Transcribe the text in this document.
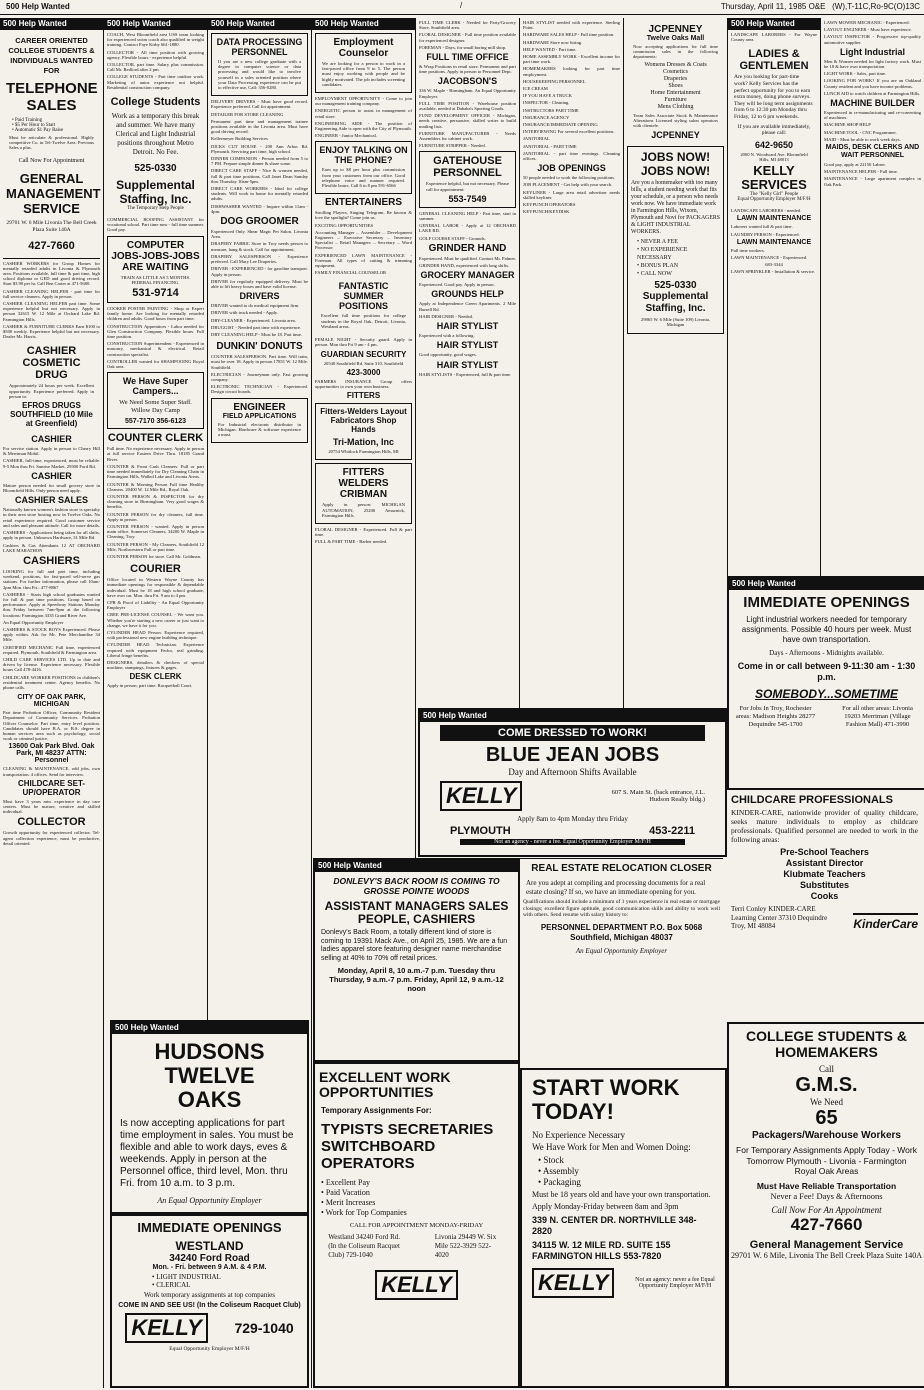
500 Help Wanted	/	Thursday, April 11, 1985 O&E (W),T-11C,Ro-9C(O)13C
500 Help Wanted
CAREER ORIENTED COLLEGE STUDENTS & INDIVIDUALS WANTED FOR
TELEPHONE SALES
• Paid Training
• $5 Per Hour to Start
• Automatic $1 Pay Raise
Must be articulate & professional. Highly competitive Co. in Tel-Twelve Area. Previous Sales a plus.
Call Now For Appointment
GENERAL MANAGEMENT SERVICE
29701 W. 6 Mile Livonia The Bell Creek Plaza Suite 140A
427-7660
CASHIER WORKERS for Group Homes for mentally retarded adults in Livonia & Plymouth area. Positions available, full time & part time, high school diploma or GED and good driving record. Start $3.90 per hr. Call Ben Carter at 471-5680.
CASHIER CLEANING HELPER - part time for full service cleaners. Apply in person.
CASHIER CLEANING HELPER part time. Some experience helpful but not necessary. Apply in person 32615 W. 12 Mile at Orchard Lake Rd. Farmington Hills.
CASHIER & FURNITURE CLERKS Earn $100 to $500 weekly. Experience helpful but not necessary. Dealer Mr. Harris.
CASHIER COSMETIC DRUG
Approximately 24 hours per week. Excellent opportunity. Experience preferred. Apply in person to:
EFROS DRUGS SOUTHFIELD (10 Mile at Greenfield)
CASHIER
For service station. Apply in person to Cherry Hill & Merriman Mobil.
CASHIER, full-time, experienced, must be reliable. 9-5 Mon thru Fri. Sunrise Market, 29300 Ford Rd.
CASHIER
Mature person needed for small grocery store in Bloomfield Hills. Only person need apply.
CASHIER SALES
Nationally known women's fashion store is specialty in their area store hosting now in Twelve Oaks. No retail experience required. Good customer service and sales and pleasant attitude. Call for more details.
CASHIERS - Applications being taken for all shifts, apply in person. Unknown Hardware, 31 Mile Rd.
Cashiers & Gas Attendants 12 AT ORCHARD LAKE MARATHON
CASHIERS
LOOKING for full and part time, including weekend, positions, for fast-paced self-serve gas stations. For further information, please call 10am-2pm Mon. thru Fri.: 477-8867
CASHIERS - Starts high school graduates wanted for full & part time positions. Group based on performance. Apply at Speedway Stations Monday thru Friday between 7am-9pm at the following locations: Farmington 3335 Grand River Ave.
An Equal Opportunity Employer
CASHIERS & STOCK BOYS Experienced. Please apply within. Ask for Mr. Pete Merchandise 34 Mile.
CERTIFIED MECHANIC Full time, experienced required. Plymouth, Southfield & Farmington area.
CHILD CARE SERVICES LTD. Up to date and driven by license. Experience necessary. Flexible hours Call 478-4416.
CHILDCARE WORKER POSITIONS in children's residential treatment center. Agency benefits. No phone calls.
CITY OF OAK PARK, MICHIGAN
Part time Probation Officer, Community Resident Department of Community Services. Probation Officer Counselor: Part time, entry level position. Candidates should have B.A. or B.S. degree in human services area such as psychology, social work or criminal justice.
13600 Oak Park Blvd. Oak Park, MI 48237 ATTN: Personnel
CLEANING & MAINTENANCE, odd jobs, own transportation. 4 offices. Send for interview.
CHILDCARE SET-UP/OPERATOR
Must have 3 years min. experience in day care centers. Must be mature, creative and skilled individual.
COLLECTOR
Growth opportunity for experienced collector. Tel-agent collection experience, must be productive, detail oriented.
500 Help Wanted
COACH, West Bloomfield area USS team looking for experienced swim coach also qualified in weight training. Contact Faye Kirby 661-1880.
COLLECTOR - All time position with growing agency. Flexible hours - experience helpful.
COLLECTOR, part time. Salary plus commission. Call Mr. Redford after 2 pm.
COLLEGE STUDENTS - Part time outdoor work. Marketing of autos experience not helpful. Residential construction company.
College Students
Work as a temporary this break and summer. We have many Clerical and Light Industrial positions throughout Metro Detroit. No Fee.
525-0330
Supplemental Staffing, Inc.
The Temporary Help People
COMMERCIAL ROOFING ASSISTANT for vocational school. Part time now - full time summer. Good pay.
COMPUTER JOBS-JOBS-JOBS ARE WAITING
TRAIN AS LITTLE AS 5 MONTHS. FEDERAL FINANCING.
531-9714
COOKER POSTER PAINTING - Shop or Expert family home. Are looking for mentally retarded children and adults. Good hours from part time.
CONSTRUCTION Apprentices - Labor needed for Glen Construction Company. Flexible hours. Full time position.
CONSTRUCTION Superintendent - Experienced in masonry, mechanical & electrical. Retail construction specialist.
CONTROLLER wanted for SHAMPOOING Royal Oak area.
We Have Super Campers...
We Need Some Super Staff. Willow Day Camp
557-7170 356-6123
COUNTER CLERK
Full time. No experience necessary. Apply in person at full service Eastern Drive Thru. 18185 Grand River.
COUNTER & Front Cash Cleaners. Full or part time needed immediately for Dry Cleaning Chain in Farmington Hills, Walled Lake and Livonia Areas.
COUNTER & Morning Person Full time Healthy Cleaners. 20400 W. 12 Mile Rd., Royal Oak.
COUNTER PERSON & INSPECTOR for dry cleaning store in Birmingham. Very good wages & benefits.
COUNTER PERSON for dry cleaners, full time. Apply in person.
COUNTER PERSON - wanted. Apply in person main office. Somerset Cleaners, 34200 W. Maple in Cleaning, Troy.
COUNTER PERSON - My Cleaners, Southfield 12 Mile, Northwestern Full or part time.
COUNTER PERSON for store. Call Mr. Goldman.
COURIER
Office located in Western Wayne County has immediate openings for responsible & dependable individual. Must be 18 and high school graduate, have own car. Mon. thru Fri. 9 am to 4 pm.
CPR & Proof of Liability - An Equal Opportunity Employer
CREE PRE-LICENSE COUNSEL - We want you. Whether you're starting a new career or just want to change, we have it for you.
CYLINDER HEAD Person. Experience required, with professional new engine building technique.
CYLINDER HEAD Technician. Experience required with equipment Fedco, real grinding. Liberal fringe benefits.
DESIGNERS, detailers & checkers of special machine, stampings, fixtures & gages.
DESK CLERK
Apply in person, part time. Racquetball Court.
500 Help Wanted
DATA PROCESSING PERSONNEL
If you are a new college graduate with a degree in computer science or data processing and would like to involve yourself in a sales oriented position where your Data Processing experience can be put to effective use, Call: 356-0280.
DELIVERY DRIVERS - Must have good record. Experience preferred. Call for appointment.
DETAILER FOR STORE CLEANING
Permanent part time and management trainee positions available in the Livonia area. Must have good driving record.
Kellermeyer Building Services
DICKS CUT HOUSE - 200 Ann Arbor Rd. Plymouth. Servicing part time, high school.
DINNER COMPANION - Person needed from 5 to 7 PM. Prepare simple dinner & share some.
DIRECT CARE STAFF - Nice & women needed, full & part time positions. Call Janet Dean Sunday thru Thursday 10am-5pm.
DIRECT CARE WORKERS - Ideal for college students. Will work in home for mentally retarded adults.
DISHWASHER WANTED - Inquire within 11am - 4pm.
DOG GROOMER
Experienced Only. Shear Magic Pet Salon. Livonia Area.
DRAPERY FABRIC Store in Troy needs person to measure, hang & stock. Call for appointment.
DRAPERY SALESPERSON - Experience preferred. Call Mary Lee Draperies.
DRIVER - EXPERIENCED - for gasoline transport. Apply in person.
DRIVER for regularly equipped delivery. Must be able to lift heavy boxes and have valid license.
DRIVERS
DRIVER wanted to do medical equipment firm.
DRIVER with truck needed - Apply.
DRY-CLEANER - Experienced. Livonia area.
DRUGGIST - Needed part time with experience.
DRY CLEANING HELP - Must be 18. Part time.
DUNKIN' DONUTS
COUNTER SALESPERSON. Part time. Will train, must be over 18. Apply in person 17851 W. 12 Mile. Southfield.
ELECTRICIAN - Journeyman only. Fast growing company.
ELECTRONIC TECHNICIAN - Experienced. Design circuit boards.
ENGINEER
FIELD APPLICATIONS
For Industrial electronic distributor in Michigan. Hardware & software experience a must.
500 Help Wanted
Employment Counselor
We are looking for a person to work in a fast-paced office from 9 to 5. The person must enjoy working with people and be highly motivated. The job includes screening candidates.
EMPLOYMENT OPPORTUNITY - Come to join our management training company.
ENERGETIC person to assist in management of retail store.
ENGINEERING AIDE - The position of Engineering Aide is open with the City of Plymouth.
ENGINEER - Junior Mechanical.
ENJOY TALKING ON THE PHONE?
Earn up to $8 per hour plus commission from your customers from our office. Good telephone voice and manner required. Flexible hours. Call 6 to 8 pm 591-6566
ENTERTAINERS
Strolling Players, Singing Telegram. Be known & love the spotlight? Come join us.
EXCITING OPPORTUNITIES
Accounting Manager ... Assembler ... Development Engineers ... Executive Secretary ... Inventory Specialist ... Retail Managers ... Secretary ... Word Processor
EXPERIENCED LAWN MAINTENANCE - Foreman. All types of cutting & trimming equipment.
FAMILY FINANCIAL COUNSELOR
FANTASTIC SUMMER POSITIONS
Excellent full time positions for college students in the Royal Oak, Detroit, Livonia, Westland areas.
FEMALE NIGHT - Security guard. Apply in person. Mon thru Fri 9 am - 4 pm.
GUARDIAN SECURITY
20540 Southfield Rd. Suite 310, Southfield
423-3000
FARMERS INSURANCE Group offers opportunities to own your own business.
FITTERS
Fitters-Welders Layout Fabricators Shop Hands
Tri-Mation, Inc
20754 Whitlock Farmington Hills, MI
FITTERS WELDERS CRIBMAN
Apply in person: MICHIGAN AUTOMATION, 25200 Aesurnick, Farmington Hills.
FLORAL DESIGNER - Experienced. Full & part time.
FULL & PART TIME - Barber needed.
FULL TIME CLERK - Needed for Party/Grocery Store, Southfield area.
FLORAL DESIGNER - Full time position available for experienced designer.
FOREMAN - Days, for small boring mill shop.
FULL TIME OFFICE
& Wrap Positions in retail store. Permanent and part time positions. Apply in person to Personnel Dept.
JACOBSON'S
336 W. Maple - Birmingham. An Equal Opportunity Employer.
FULL TIME POSITION - Warehouse position available, needed at Dababa's Sporting Goods.
FUND DEVELOPMENT OFFICER - Michigan, needs creative, persuasive, skilled writer to build mailing lists.
FURNITURE MANUFACTURER - Needs Assemblers for cabinet work.
FURNITURE STRIPPER - Needed.
GATEHOUSE PERSONNEL
Experience helpful, but not necessary. Please call for appointment:
553-7549
GENERAL CLEANING HELP - Part time, start in summer.
GENERAL LABOR - Apply at 12 ORCHARD LAKE RD.
GOLF COURSE STAFF - Grounds.
GRINDER HAND
Experienced. Must be qualified. Contact Mr. Palmer.
GRINDER HAND, experienced with long shifts.
GROCERY MANAGER
Experienced. Good pay. Apply in person.
GROUNDS HELP
Apply at Independence Green Apartments. 2 Mile Burrell Rd.
HAIR DESIGNER - Needed.
HAIR STYLIST
Experienced with a following.
HAIR STYLIST
Good opportunity, good wages.
HAIR STYLIST
HAIR STYLISTS - Experienced, full & part time.
HAIR STYLIST needed with experience. Sterling Point.
HARDWARE SALES HELP - Full time position.
HARDWARE Store now hiring.
HELP WANTED - Part time.
HOME ASSEMBLY WORK - Excellent income for part time work.
HOMEMAKERS looking for part time employment.
HOUSEKEEPING PERSONNEL
ICE CREAM
IF YOU HAVE A TRUCK
INSPECTOR - Cleaning.
INSTRUCTORS PART TIME
INSURANCE AGENCY
INSURANCE/IMMEDIATE OPENING
INTERVIEWING For several excellent positions.
JANITORIAL
JANITORIAL - PART TIME
JANITORIAL - part time evenings. Cleaning offices.
JOB OPENINGS
50 people needed to work the following positions.
JOB PLACEMENT - Get help with your search.
KEYLINER - Large area retail advertiser needs skilled keyliner.
KEYPUNCH OPERATORS
KEYPUNCH/KEYDISK
JCPENNEY
Twelve Oaks Mall
Now accepting applications for full time commission sales in the following departments:
Womens Dresses & Coats
Cosmetics
Draperies
Shoes
Home Entertainment
Furniture
Mens Clothing
Team Sales Associate Stock & Maintenance Alterations Licensed styling salon operators with clientele.
JCPENNEY
JOBS NOW! JOBS NOW!
Are you a homemaker with too many bills, a student needing work that fits your schedule, or a person who needs work now. We have immediate work in Farmington Hills, Wixom, Plymouth and Novi for PACKAGERS & LIGHT INDUSTRIAL WORKERS.
• NEVER A FEE
• NO EXPERIENCE NECESSARY
• BONUS PLAN
• CALL NOW
525-0330
Supplemental Staffing, Inc.
29865 W. 6 Mile (Suite 109) Livonia, Michigan
500 Help Wanted
LANDSCAPE LABORERS - For Wayne County area.
LADIES & GENTLEMEN
Are you looking for part-time work? Kelly Services has the perfect opportunity for you to earn extra money, doing phone surveys. They will be long term assignments from 6 to 12:30 pm Monday thru Friday, 12 to 6 pm weekends.
If you are available immediately, please call:
642-9650
2000 N. Woodward Ave. Bloomfield Hills, MI 48013
KELLY SERVICES
The "Kelly Girl" People
Equal Opportunity Employer M/F/H
LANDSCAPE LABORERS - needed.
LAWN MAINTENANCE
Laborers wanted full & part time.
LAUNDRY PERSON - Experienced.
LAWN MAINTENANCE
Full time workers.
LAWN MAINTENANCE - Experienced.
683-3344
LAWN SPRINKLER - Installation & service.
LAWN MOWER MECHANIC - Experienced.
LAYOUT ENGINEER - Must have experience.
LAYOUT INSPECTOR - Progressive top-quality automotive supplier.
Light Industrial
Men & Women needed for light factory work. Must be 18 & have own transportation.
LIGHT WORK - Sales, part time.
LOOKING FOR WORK? If you are an Oakland County resident and you have income problems.
LUNCH AID to watch children at Farmington Hills.
MACHINE BUILDER
Experienced in re-manufacturing and re-converting of machines.
MACHINE SHOP HELP
MACHINE TOOL - CNC Programmer.
MAID - Must be able to work week days.
MAIDS, DESK CLERKS AND WAIT PERSONNEL
Good pay, apply at 22150 Lahser.
MAINTENANCE HELPER - Full time.
MAINTENANCE - Large apartment complex in Oak Park.
500 Help Wanted
HUDSONS TWELVE OAKS
Is now accepting applications for part time employment in sales. You must be flexible and able to work days, eves & weekends. Apply in person at the Personnel office, third level, Mon. thru Fri. from 10 a.m. to 3 p.m.
An Equal Opportunity Employer
IMMEDIATE OPENINGS
WESTLAND
34240 Ford Road
Mon. - Fri. between 9 A.M. & 4 P.M.
• LIGHT INDUSTRIAL
• CLERICAL
Work temporary assignments at top companies
COME IN AND SEE US! (In the Coliseum Racquet Club)
KELLY	729-1040
Equal Opportunity Employer M/F/H
500 Help Wanted
DONLEVY'S BACK ROOM IS COMING TO GROSSE POINTE WOODS
ASSISTANT MANAGERS SALES PEOPLE, CASHIERS
Donlevy's Back Room, a totally different kind of store is coming to 19391 Mack Ave., on April 25, 1985. We are a fun ladies apparel store featuring designer name merchandise selling at 40% to 70% off retail prices.
Monday, April 8, 10 a.m.-7 p.m. Tuesday thru Thursday, 9 a.m.-7 p.m. Friday, April 12, 9 a.m.-12 noon
EXCELLENT WORK OPPORTUNITIES
Temporary Assignments For:
TYPISTS SECRETARIES SWITCHBOARD OPERATORS
• Excellent Pay
• Paid Vacation
• Merit Increases
• Work for Top Companies
CALL FOR APPOINTMENT MONDAY-FRIDAY
Westland 34240 Ford Rd. (In the Coliseum Racquet Club) 729-1040
Livonia 29449 W. Six Mile 522-3929 522-4020
KELLY
500 Help Wanted
COME DRESSED TO WORK!
BLUE JEAN JOBS
Day and Afternoon Shifts Available
KELLY	607 S. Main St. (back entrance, J.L. Hudson Realty bldg.)
Apply 8am to 4pm Monday thru Friday
PLYMOUTH	453-2211
Not an agency - never a fee. Equal Opportunity Employer M/F/H
REAL ESTATE RELOCATION CLOSER
Are you adept at compiling and processing documents for a real estate closing? If so, we have an immediate opening for you.
Qualifications should include a minimum of 1 years experience in real estate or mortgage closings; excellent figure aptitude, good communication skills and ability to work well with others. Send resume with salary history to:
PERSONNEL DEPARTMENT P.O. Box 5068 Southfield, Michigan 48037
An Equal Opportunity Employer
START WORK TODAY!
No Experience Necessary
We Have Work for Men and Women Doing:
• Stock
• Assembly
• Packaging
Must be 18 years old and have your own transportation.
Apply Monday-Friday between 8am and 3pm
339 N. CENTER DR. NORTHVILLE 348-2820
34115 W. 12 MILE RD. SUITE 155 FARMINGTON HILLS 553-7820
KELLY	Not an agency: never a fee Equal Opportunity Employer M/F/H
500 Help Wanted
IMMEDIATE OPENINGS
Light industrial workers needed for temporary assignments. Possible 40 hours per week. Must have own transportation.
Days - Afternoons - Midnights available.
Come in or call between 9-11:30 am - 1:30 p.m.
SOMEBODY...SOMETIME
For Jobs In Troy, Rochester areas: Madison Heights 28277 Dequindre 545-1700
For all other areas: Livonia 19203 Merriman (Village Fashion Mall) 471-3990
CHILDCARE PROFESSIONALS
KINDER-CARE, nationwide provider of quality childcare, seeks mature individuals to employ as childcare professionals. Qualified personnel are needed to work in the following areas:
Pre-School Teachers
Assistant Director
Klubmate Teachers
Substitutes
Cooks
Terri Conley KINDER-CARE Learning Center 37310 Dequindre Troy, MI 48084	KinderCare
COLLEGE STUDENTS & HOMEMAKERS
Call
G.M.S.
We Need
65
Packagers/Warehouse Workers
For Temporary Assignments Apply Today - Work Tomorrow Plymouth - Livonia - Farmington Royal Oak Areas
Must Have Reliable Transportation
Never a Fee! Days & Afternoons
Call Now For An Appointment
427-7660
General Management Service
29701 W. 6 Mile, Livonia The Bell Creek Plaza Suite 140A
